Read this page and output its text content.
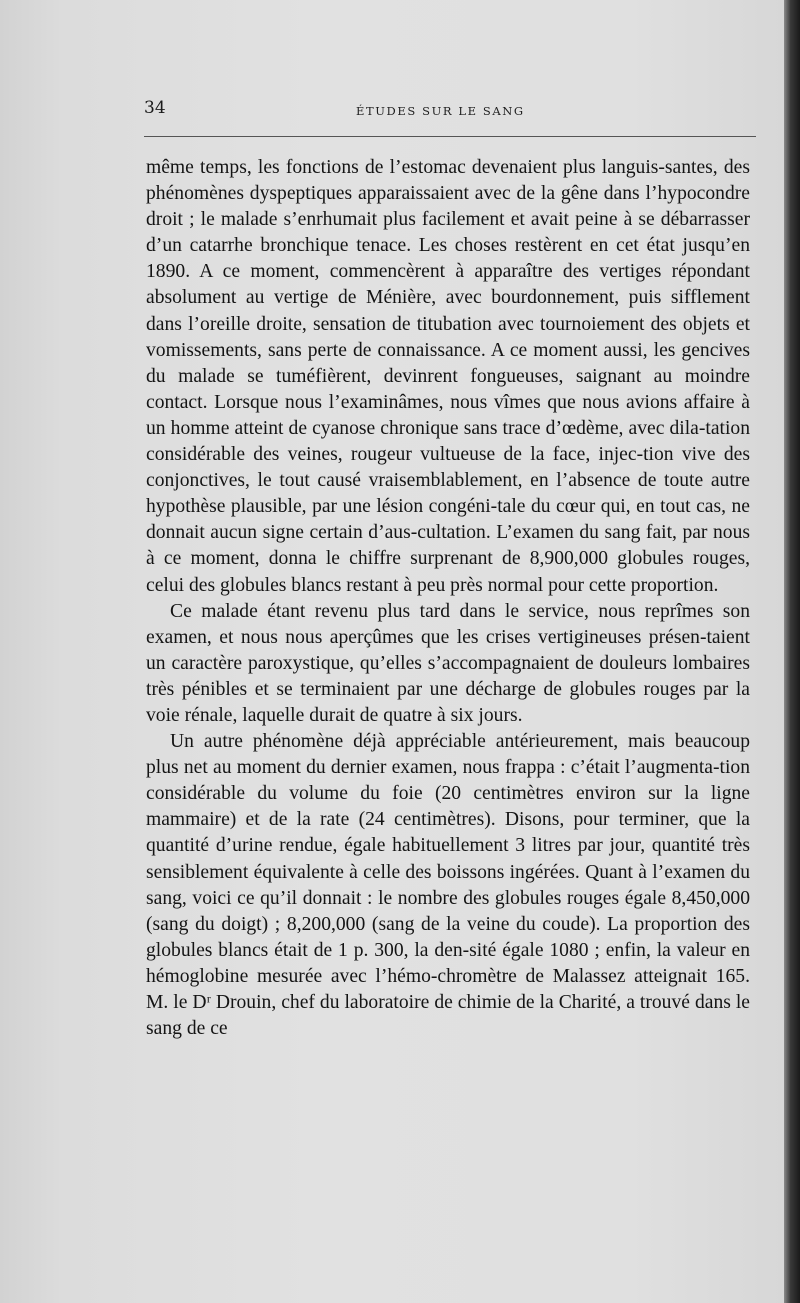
34	ÉTUDES SUR LE SANG

même temps, les fonctions de l’estomac devenaient plus languis-santes, des phénomènes dyspeptiques apparaissaient avec de la gêne dans l’hypocondre droit ; le malade s’enrhumait plus facilement et avait peine à se débarrasser d’un catarrhe bronchique tenace. Les choses restèrent en cet état jusqu’en 1890. A ce moment, commencèrent à apparaître des vertiges répondant absolument au vertige de Ménière, avec bourdonnement, puis sifflement dans l’oreille droite, sensation de titubation avec tournoiement des objets et vomissements, sans perte de connaissance. A ce moment aussi, les gencives du malade se tuméfièrent, devinrent fongueuses, saignant au moindre contact. Lorsque nous l’examinâmes, nous vîmes que nous avions affaire à un homme atteint de cyanose chronique sans trace d’œdème, avec dila-tation considérable des veines, rougeur vultueuse de la face, injec-tion vive des conjonctives, le tout causé vraisemblablement, en l’absence de toute autre hypothèse plausible, par une lésion congéni-tale du cœur qui, en tout cas, ne donnait aucun signe certain d’aus-cultation. L’examen du sang fait, par nous à ce moment, donna le chiffre surprenant de 8,900,000 globules rouges, celui des globules blancs restant à peu près normal pour cette proportion.

Ce malade étant revenu plus tard dans le service, nous reprîmes son examen, et nous nous aperçûmes que les crises vertigineuses présen-taient un caractère paroxystique, qu’elles s’accompagnaient de douleurs lombaires très pénibles et se terminaient par une décharge de globules rouges par la voie rénale, laquelle durait de quatre à six jours.

Un autre phénomène déjà appréciable antérieurement, mais beaucoup plus net au moment du dernier examen, nous frappa : c’était l’augmenta-tion considérable du volume du foie (20 centimètres environ sur la ligne mammaire) et de la rate (24 centimètres). Disons, pour terminer, que la quantité d’urine rendue, égale habituellement 3 litres par jour, quantité très sensiblement équivalente à celle des boissons ingérées. Quant à l’examen du sang, voici ce qu’il donnait : le nombre des globules rouges égale 8,450,000 (sang du doigt) ; 8,200,000 (sang de la veine du coude). La proportion des globules blancs était de 1 p. 300, la den-sité égale 1080 ; enfin, la valeur en hémoglobine mesurée avec l’hémo-chromètre de Malassez atteignait 165. M. le Dʳ Drouin, chef du laboratoire de chimie de la Charité, a trouvé dans le sang de ce
